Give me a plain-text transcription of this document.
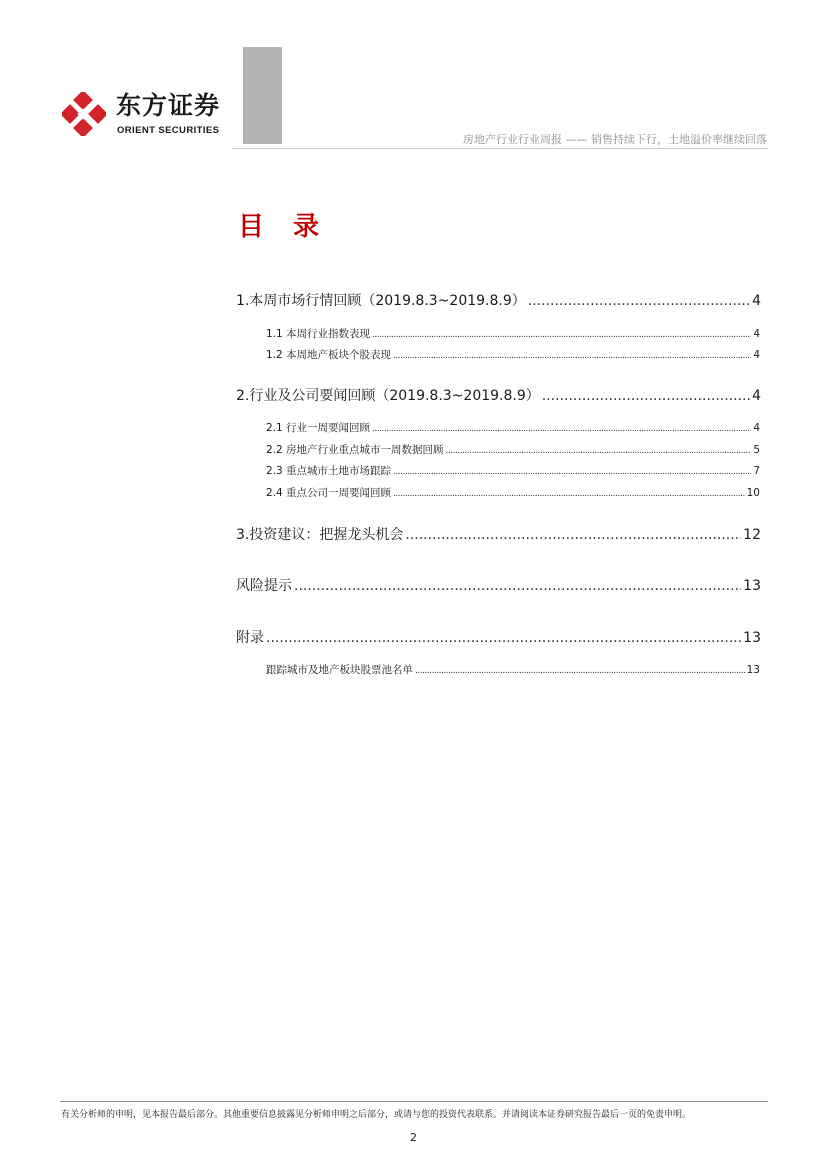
东方证券
ORIENT SECURITIES
房地产行业行业周报 —— 销售持续下行，土地溢价率继续回落
目 录
1.本周市场行情回顾（2019.8.3~2019.8.9） .....	4
1.1 本周行业指数表现 .....	4
1.2 本周地产板块个股表现 .....	4
2.行业及公司要闻回顾（2019.8.3~2019.8.9） .....	4
2.1 行业一周要闻回顾 .....	4
2.2 房地产行业重点城市一周数据回顾 .....	5
2.3 重点城市土地市场跟踪 .....	7
2.4 重点公司一周要闻回顾 .....	10
3.投资建议：把握龙头机会 .....	12
风险提示 .....	13
附录 .....	13
跟踪城市及地产板块股票池名单 .....	13
有关分析师的申明，见本报告最后部分。其他重要信息披露见分析师申明之后部分，或请与您的投资代表联系。并请阅读本证券研究报告最后一页的免责申明。
2
